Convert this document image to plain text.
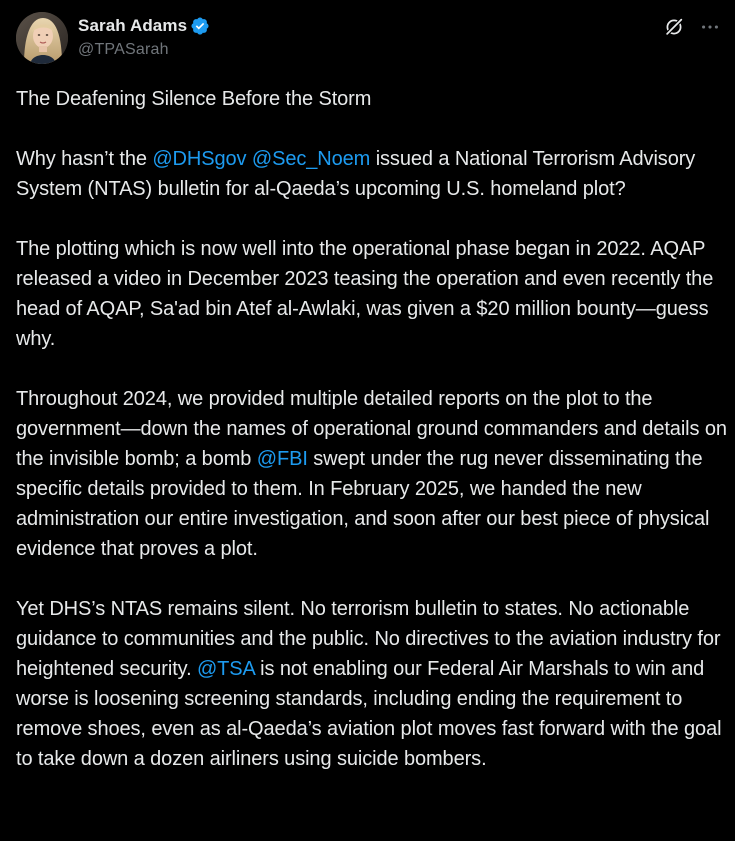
Sarah Adams
@TPASarah

The Deafening Silence Before the Storm

Why hasn’t the @DHSgov @Sec_Noem issued a National Terrorism Advisory System (NTAS) bulletin for al-Qaeda’s upcoming U.S. homeland plot?

The plotting which is now well into the operational phase began in 2022. AQAP released a video in December 2023 teasing the operation and even recently the head of AQAP, Sa'ad bin Atef al-Awlaki, was given a $20 million bounty—guess why.

Throughout 2024, we provided multiple detailed reports on the plot to the government—down the names of operational ground commanders and details on the invisible bomb; a bomb @FBI swept under the rug never disseminating the specific details provided to them. In February 2025, we handed the new administration our entire investigation, and soon after our best piece of physical evidence that proves a plot.

Yet DHS’s NTAS remains silent. No terrorism bulletin to states. No actionable guidance to communities and the public. No directives to the aviation industry for heightened security. @TSA is not enabling our Federal Air Marshals to win and worse is loosening screening standards, including ending the requirement to remove shoes, even as al-Qaeda’s aviation plot moves fast forward with the goal to take down a dozen airliners using suicide bombers.
